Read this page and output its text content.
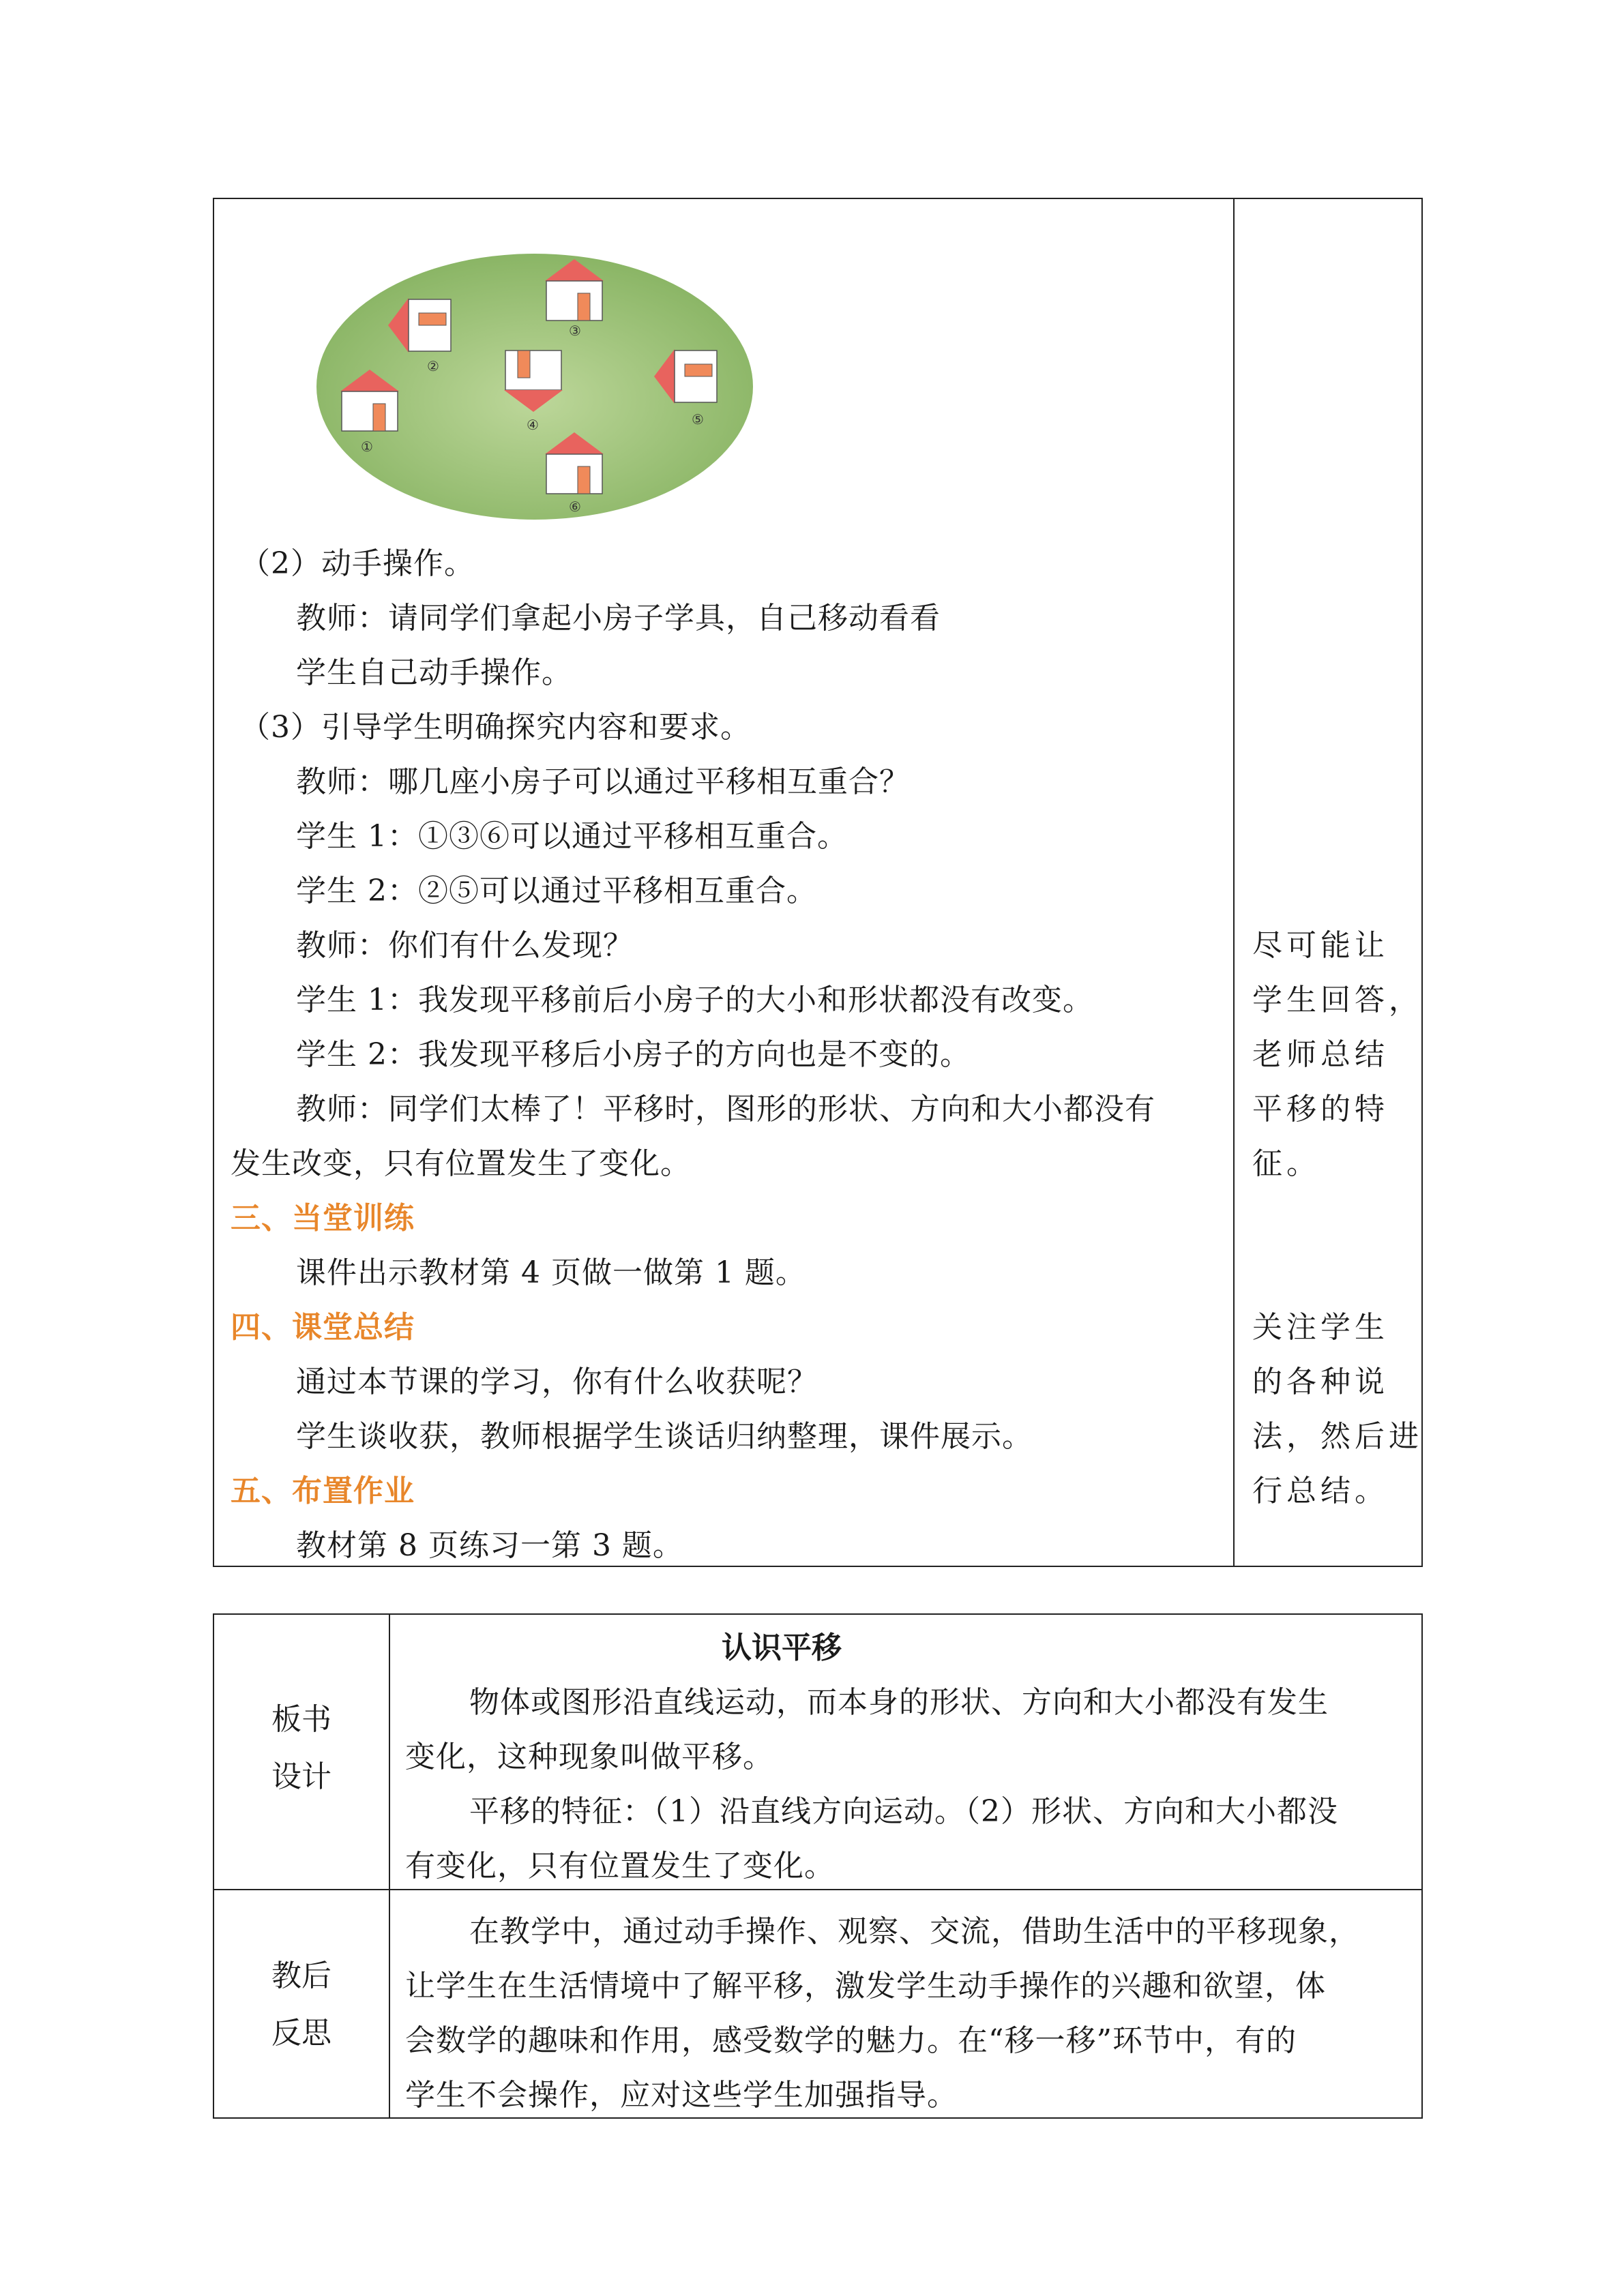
①
②
③
④	⑤
⑥
（2）动手操作。
教师：请同学们拿起小房子学具，自己移动看看
学生自己动手操作。
（3）引导学生明确探究内容和要求。
教师：哪几座小房子可以通过平移相互重合？
学生 1：①③⑥可以通过平移相互重合。
学生 2：②⑤可以通过平移相互重合。
教师：你们有什么发现？
学生 1：我发现平移前后小房子的大小和形状都没有改变。
学生 2：我发现平移后小房子的方向也是不变的。
教师：同学们太棒了！平移时，图形的形状、方向和大小都没有
发生改变，只有位置发生了变化。
三、当堂训练
课件出示教材第 4 页做一做第 1 题。
四、课堂总结
通过本节课的学习，你有什么收获呢？
学生谈收获，教师根据学生谈话归纳整理，课件展示。
五、布置作业
教材第 8 页练习一第 3 题。
尽可能让
学生回答，
老师总结
平移的特
征。
关注学生
的各种说
法，然后进
行总结。
板书
设计
认识平移
物体或图形沿直线运动，而本身的形状、方向和大小都没有发生
变化，这种现象叫做平移。
平移的特征：（1）沿直线方向运动。（2）形状、方向和大小都没
有变化，只有位置发生了变化。
教后
反思
在教学中，通过动手操作、观察、交流，借助生活中的平移现象，
让学生在生活情境中了解平移，激发学生动手操作的兴趣和欲望，体
会数学的趣味和作用，感受数学的魅力。在“移一移”环节中，有的
学生不会操作，应对这些学生加强指导。
